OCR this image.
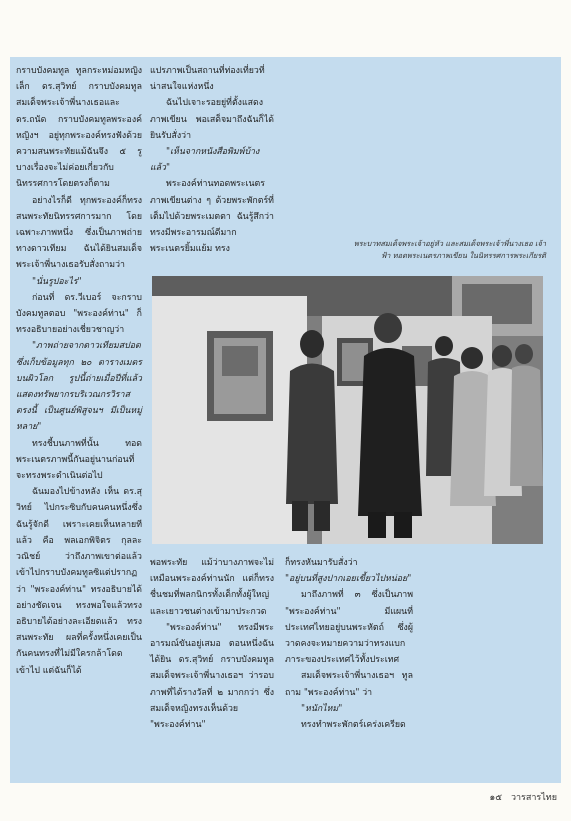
กราบบังคมทูล ทูลกระหม่อมหญิงเล็ก ดร.สุวิทย์ กราบบังคมทูลสมเด็จพระเจ้าพี่นางเธอและ ดร.ถนัด กราบบังคมทูลพระองค์หญิงฯ อยู่ทุกพระองค์ทรงฟังด้วยความสนพระทัยแม้ฉันจึง ๕ รู บางเรื่องจะไม่ค่อยเกี่ยวกับนิทรรศการโดยตรงก็ตาม

อย่างไรก็ดี ทุกพระองค์ก็ทรงสนพระทัยนิทรรศการมาก โดยเฉพาะภาพหนึ่ง ซึ่งเป็นภาพถ่ายทางดาวเทียม ฉันได้ยินสมเด็จพระเจ้าพี่นางเธอรับสั่งถามว่า

"นั่นรูปอะไร"

ก่อนที่ ดร.วีเบอร์ จะกราบบังคมทูลตอบ "พระองค์ท่าน" ก็ทรงอธิบายอย่างเชี่ยวชาญว่า

"ภาพถ่ายจากดาวเทียมสปอต ซึ่งเก็บข้อมูลทุก ๒๐ ตารางเมตรบนผิวโลก รูปนี้ถ่ายเมื่อปีที่แล้ว แสดงทรัพยากรบริเวณกรวิราส ตรงนี้ เป็นศูนย์พิสูจนฯ มีเป็นหมู่หลาย"

ทรงชี้บนภาพที่นั้น ทอดพระเนตรภาพนี้กันอยู่นานก่อนที่จะทรงพระดำเนินต่อไป

ฉันมองไปข้างหลัง เห็น ดร.สุวิทย์ ไปกระซิบกับคนคนหนึ่งซึ่งฉันรู้จักดี เพราะเคยเห็นหลายทีแล้ว คือ พลเอกพิจิตร กุลละวณิชย์ ว่าถึงภาพเขาต่อแล้ว เข้าไปกราบบังคมทูลซิแต่ปรากฏว่า "พระองค์ท่าน" ทรงอธิบายได้อย่างชัดเจน ทรงพอใจแล้วทรงอธิบายได้อย่างละเอียดแล้ว ทรงสนพระทัย ผลที่ครั้งหนึ่งเคยเป็นกันคนทรงที่ไม่มีใครกล้าโดดเข้าไป แต่ฉันก็ได้

แปรภาพเป็นสถานที่ท่องเที่ยวที่น่าสนใจแห่งหนึ่ง

ฉันไปเจาะรอยยู่ที่ตั้งแสดงภาพเขียน พอเสด็จมาถึงฉันก็ได้ยินรับสั่งว่า

"เห็นจากหนังสือพิมพ์บ้างแล้ว"

พระองค์ท่านทอดพระเนตรภาพเขียนต่าง ๆ ด้วยพระพักตร์ที่เต็มไปด้วยพระเมตตา ฉันรู้สึกว่าทรงมีพระอารมณ์ดีมาก พระเนตรยิ้มแย้ม ทรง

พระบาทสมเด็จพระเจ้าอยู่หัว และสมเด็จพระเจ้าพี่นางเธอ เจ้าฟ้า ทอดพระเนตรภาพเขียน ในนิทรรศการพระเกียรติ

พอพระทัย แม้ว่าบางภาพจะไม่เหมือนพระองค์ท่านนัก แต่ก็ทรงชื่นชมที่พลกนิกรทั้งเด็กทั้งผู้ใหญ่ และเยาวชนต่างเข้ามาประกวด

"พระองค์ท่าน" ทรงมีพระอารมณ์ขันอยู่เสมอ ตอนหนึ่งฉันได้ยิน ดร.สุวิทย์ กราบบังคมทูล สมเด็จพระเจ้าพี่นางเธอฯ ว่ารอบภาพที่ได้รางวัลที่ ๒ มากกว่า ซึ่งสมเด็จหญิงทรงเห็นด้วย "พระองค์ท่าน"

ก็ทรงหันมารับสั่งว่า

"อยู่บนที่สูงปากเอยเขี้ยวไปหน่อย"

มาถึงภาพที่ ๓ ซึ่งเป็นภาพ "พระองค์ท่าน" มีแผนที่ประเทศไทยอยู่บนพระหัตถ์ ซึ่งผู้วาดคงจะหมายความว่าทรงแบกภาระของประเทศไว้ทั้งประเทศ

สมเด็จพระเจ้าพี่นางเธอฯ ทูลถาม "พระองค์ท่าน" ว่า

"หนักไหม"

ทรงทำพระพักตร์เคร่งเครียด

๑๕ วารสารไทย
